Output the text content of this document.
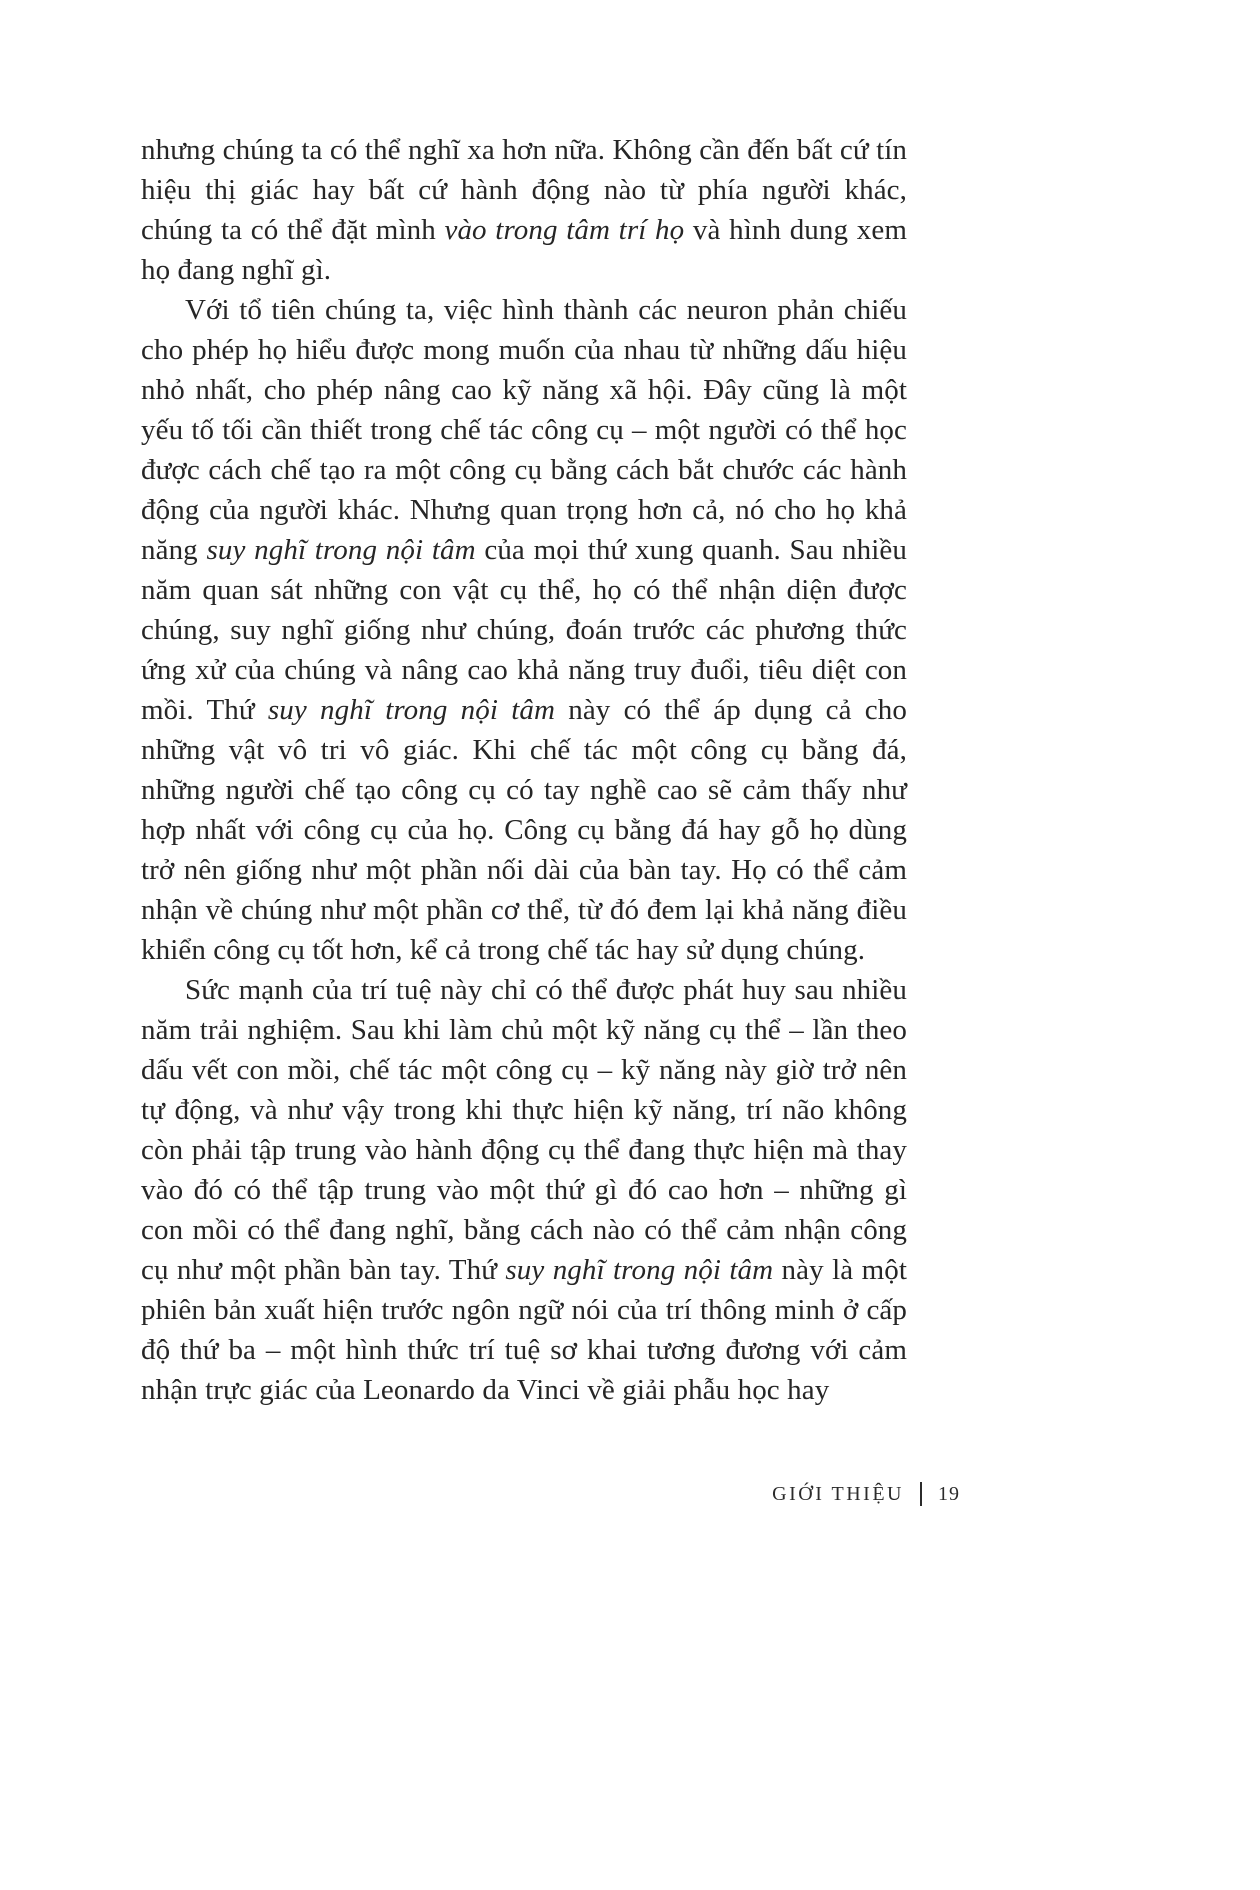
nhưng chúng ta có thể nghĩ xa hơn nữa. Không cần đến bất cứ tín hiệu thị giác hay bất cứ hành động nào từ phía người khác, chúng ta có thể đặt mình vào trong tâm trí họ và hình dung xem họ đang nghĩ gì.

Với tổ tiên chúng ta, việc hình thành các neuron phản chiếu cho phép họ hiểu được mong muốn của nhau từ những dấu hiệu nhỏ nhất, cho phép nâng cao kỹ năng xã hội. Đây cũng là một yếu tố tối cần thiết trong chế tác công cụ – một người có thể học được cách chế tạo ra một công cụ bằng cách bắt chước các hành động của người khác. Nhưng quan trọng hơn cả, nó cho họ khả năng suy nghĩ trong nội tâm của mọi thứ xung quanh. Sau nhiều năm quan sát những con vật cụ thể, họ có thể nhận diện được chúng, suy nghĩ giống như chúng, đoán trước các phương thức ứng xử của chúng và nâng cao khả năng truy đuổi, tiêu diệt con mồi. Thứ suy nghĩ trong nội tâm này có thể áp dụng cả cho những vật vô tri vô giác. Khi chế tác một công cụ bằng đá, những người chế tạo công cụ có tay nghề cao sẽ cảm thấy như hợp nhất với công cụ của họ. Công cụ bằng đá hay gỗ họ dùng trở nên giống như một phần nối dài của bàn tay. Họ có thể cảm nhận về chúng như một phần cơ thể, từ đó đem lại khả năng điều khiển công cụ tốt hơn, kể cả trong chế tác hay sử dụng chúng.

Sức mạnh của trí tuệ này chỉ có thể được phát huy sau nhiều năm trải nghiệm. Sau khi làm chủ một kỹ năng cụ thể – lần theo dấu vết con mồi, chế tác một công cụ – kỹ năng này giờ trở nên tự động, và như vậy trong khi thực hiện kỹ năng, trí não không còn phải tập trung vào hành động cụ thể đang thực hiện mà thay vào đó có thể tập trung vào một thứ gì đó cao hơn – những gì con mồi có thể đang nghĩ, bằng cách nào có thể cảm nhận công cụ như một phần bàn tay. Thứ suy nghĩ trong nội tâm này là một phiên bản xuất hiện trước ngôn ngữ nói của trí thông minh ở cấp độ thứ ba – một hình thức trí tuệ sơ khai tương đương với cảm nhận trực giác của Leonardo da Vinci về giải phẫu học hay

GIỚI THIỆU 19
